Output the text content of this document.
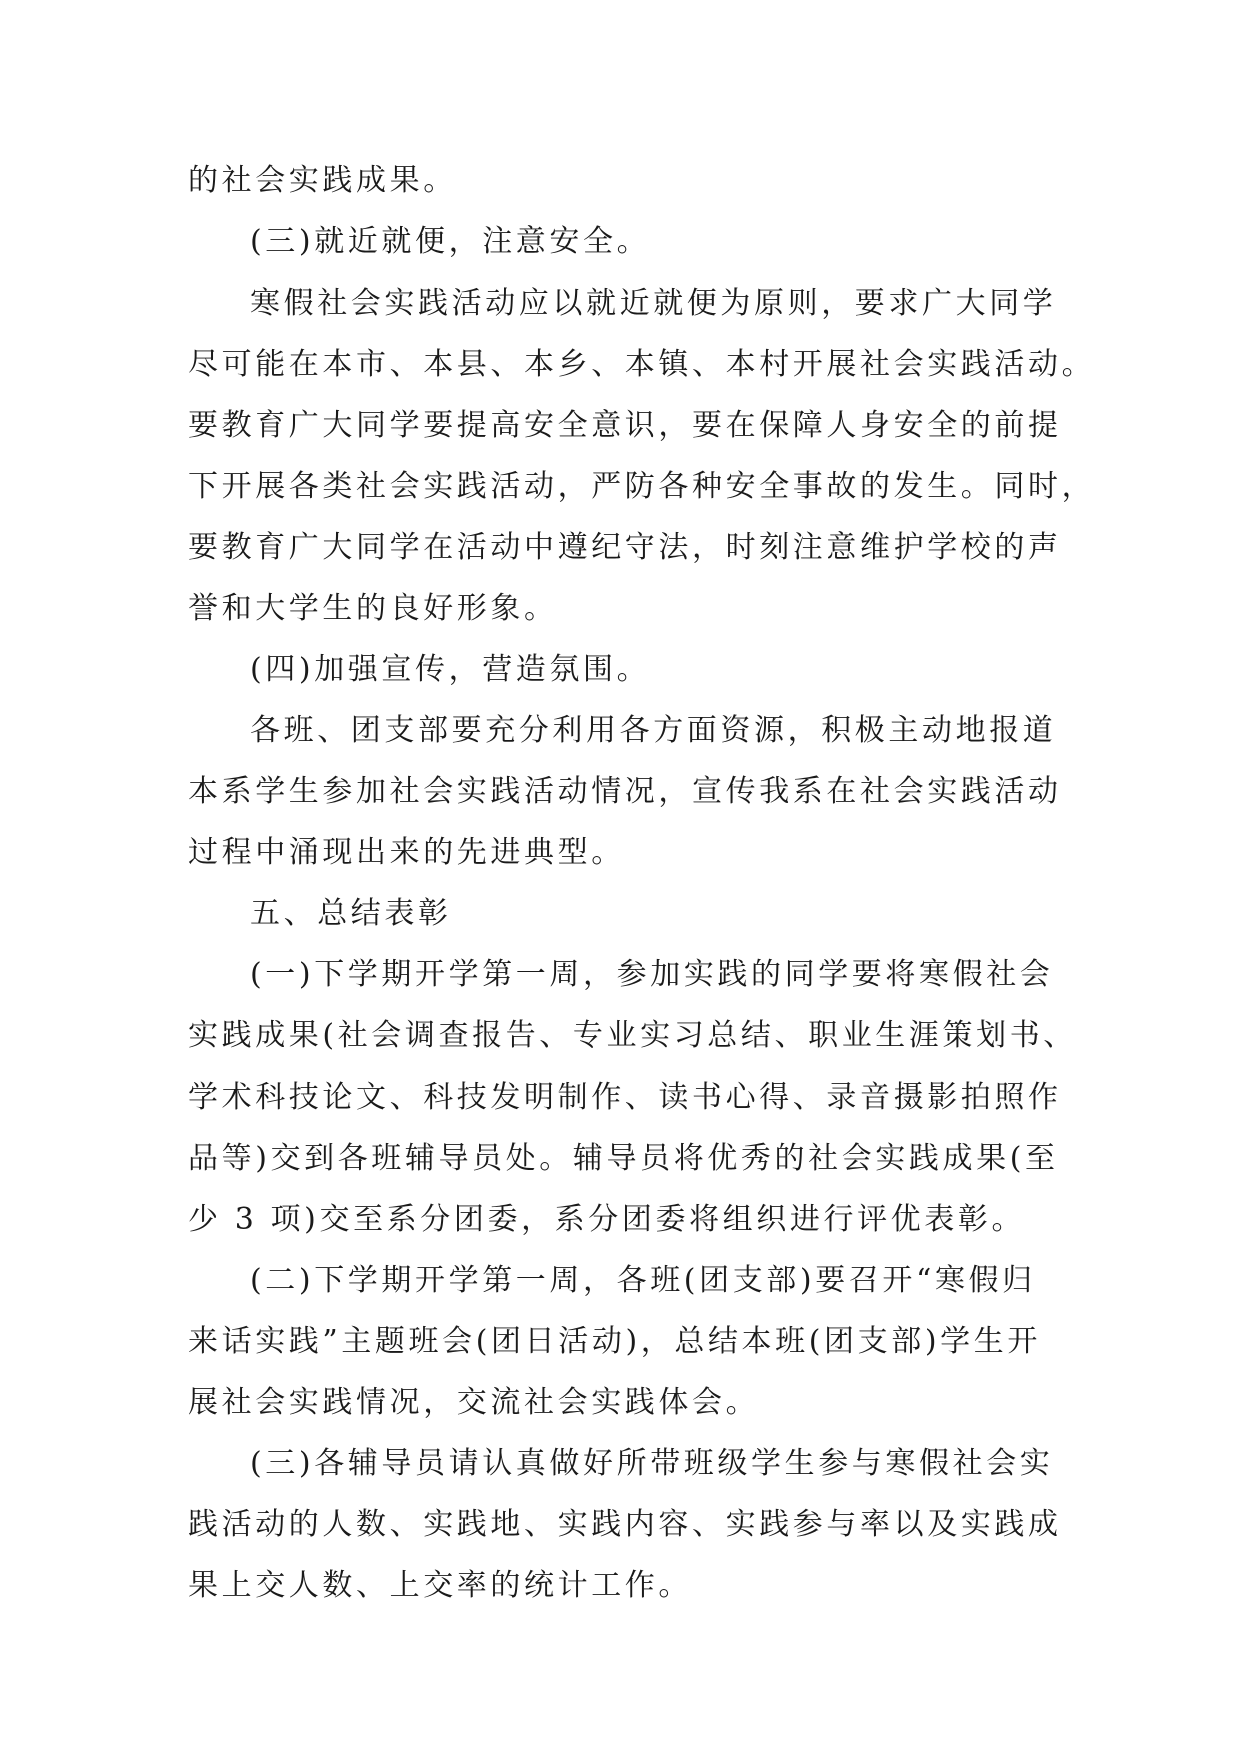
的社会实践成果。
(三)就近就便，注意安全。
寒假社会实践活动应以就近就便为原则，要求广大同学
尽可能在本市、本县、本乡、本镇、本村开展社会实践活动。
要教育广大同学要提高安全意识，要在保障人身安全的前提
下开展各类社会实践活动，严防各种安全事故的发生。同时，
要教育广大同学在活动中遵纪守法，时刻注意维护学校的声
誉和大学生的良好形象。
(四)加强宣传，营造氛围。
各班、团支部要充分利用各方面资源，积极主动地报道
本系学生参加社会实践活动情况，宣传我系在社会实践活动
过程中涌现出来的先进典型。
五、总结表彰
(一)下学期开学第一周，参加实践的同学要将寒假社会
实践成果(社会调查报告、专业实习总结、职业生涯策划书、
学术科技论文、科技发明制作、读书心得、录音摄影拍照作
品等)交到各班辅导员处。辅导员将优秀的社会实践成果(至
少 3 项)交至系分团委，系分团委将组织进行评优表彰。
(二)下学期开学第一周，各班(团支部)要召开“寒假归
来话实践”主题班会(团日活动)，总结本班(团支部)学生开
展社会实践情况，交流社会实践体会。
(三)各辅导员请认真做好所带班级学生参与寒假社会实
践活动的人数、实践地、实践内容、实践参与率以及实践成
果上交人数、上交率的统计工作。
